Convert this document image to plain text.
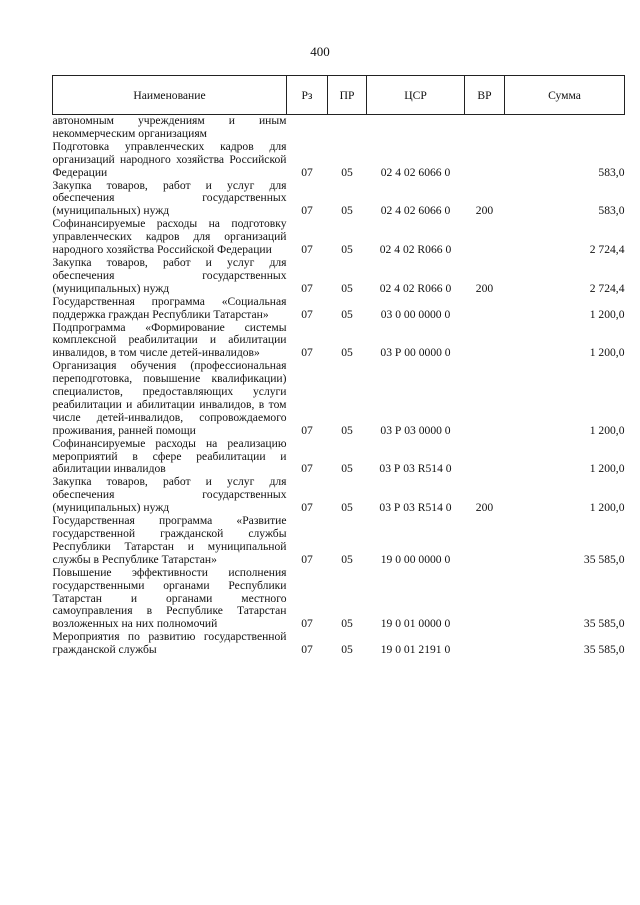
400
Наименование	Рз	ПР	ЦСР	ВР	Сумма
автономным учреждениям и иным некоммерческим организациям					
Подготовка управленческих кадров для организаций народного хозяйства Российской Федерации	07	05	02 4 02 6066 0		583,0
Закупка товаров, работ и услуг для обеспечения государственных (муниципальных) нужд	07	05	02 4 02 6066 0	200	583,0
Софинансируемые расходы на подготовку управленческих кадров для организаций народного хозяйства Российской Федерации	07	05	02 4 02 R066 0		2 724,4
Закупка товаров, работ и услуг для обеспечения государственных (муниципальных) нужд	07	05	02 4 02 R066 0	200	2 724,4
Государственная программа «Социальная поддержка граждан Республики Татарстан»	07	05	03 0 00 0000 0		1 200,0
Подпрограмма «Формирование системы комплексной реабилитации и абилитации инвалидов, в том числе детей-инвалидов»	07	05	03 Р 00 0000 0		1 200,0
Организация обучения (профессиональная переподготовка, повышение квалификации) специалистов, предоставляющих услуги реабилитации и абилитации инвалидов, в том числе детей-инвалидов, сопровождаемого проживания, ранней помощи	07	05	03 Р 03 0000 0		1 200,0
Софинансируемые расходы на реализацию мероприятий в сфере реабилитации и абилитации инвалидов	07	05	03 Р 03 R514 0		1 200,0
Закупка товаров, работ и услуг для обеспечения государственных (муниципальных) нужд	07	05	03 Р 03 R514 0	200	1 200,0
Государственная программа «Развитие государственной гражданской службы Республики Татарстан и муниципальной службы в Республике Татарстан»	07	05	19 0 00 0000 0		35 585,0
Повышение эффективности исполнения государственными органами Республики Татарстан и органами местного самоуправления в Республике Татарстан возложенных на них полномочий	07	05	19 0 01 0000 0		35 585,0
Мероприятия по развитию государственной гражданской службы	07	05	19 0 01 2191 0		35 585,0
